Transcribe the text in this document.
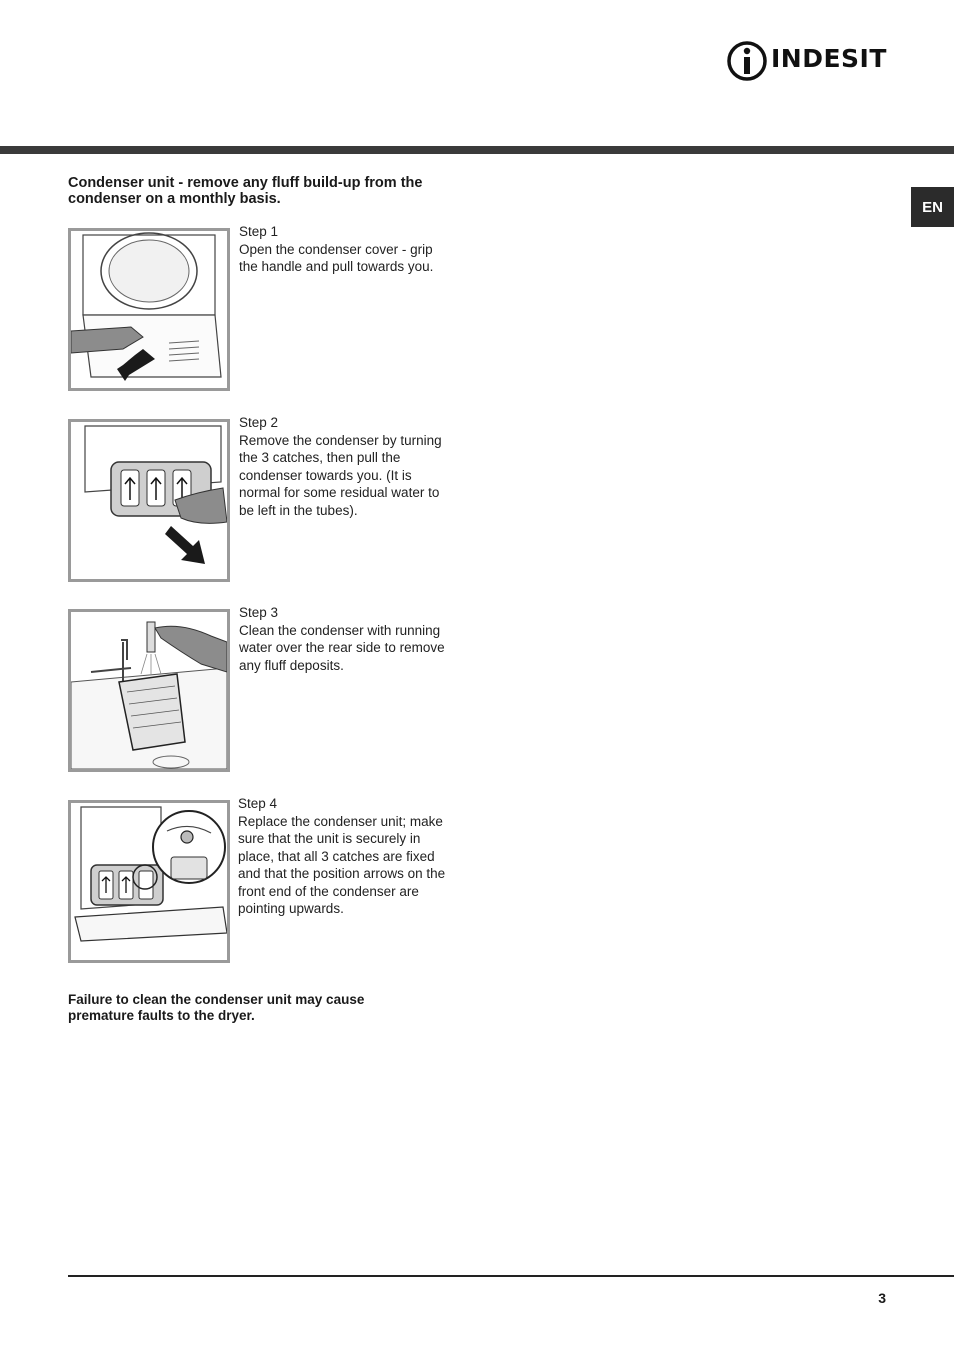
INDESIT
EN
Condenser unit - remove any fluff build-up from the condenser on a monthly basis.
Step 1
Open the condenser cover - grip the handle and pull towards you.
Step 2
Remove the condenser by turning the 3 catches, then pull the condenser towards you. (It is normal for some residual water to be left in the tubes).
Step 3
Clean the condenser with running water over the rear side to remove any fluff deposits.
Step 4
Replace the condenser unit; make sure that the unit is securely in place, that all 3 catches are fixed and that the position arrows on the front end of the condenser are pointing upwards.

Failure to clean the condenser unit may cause premature faults to the dryer.

3
